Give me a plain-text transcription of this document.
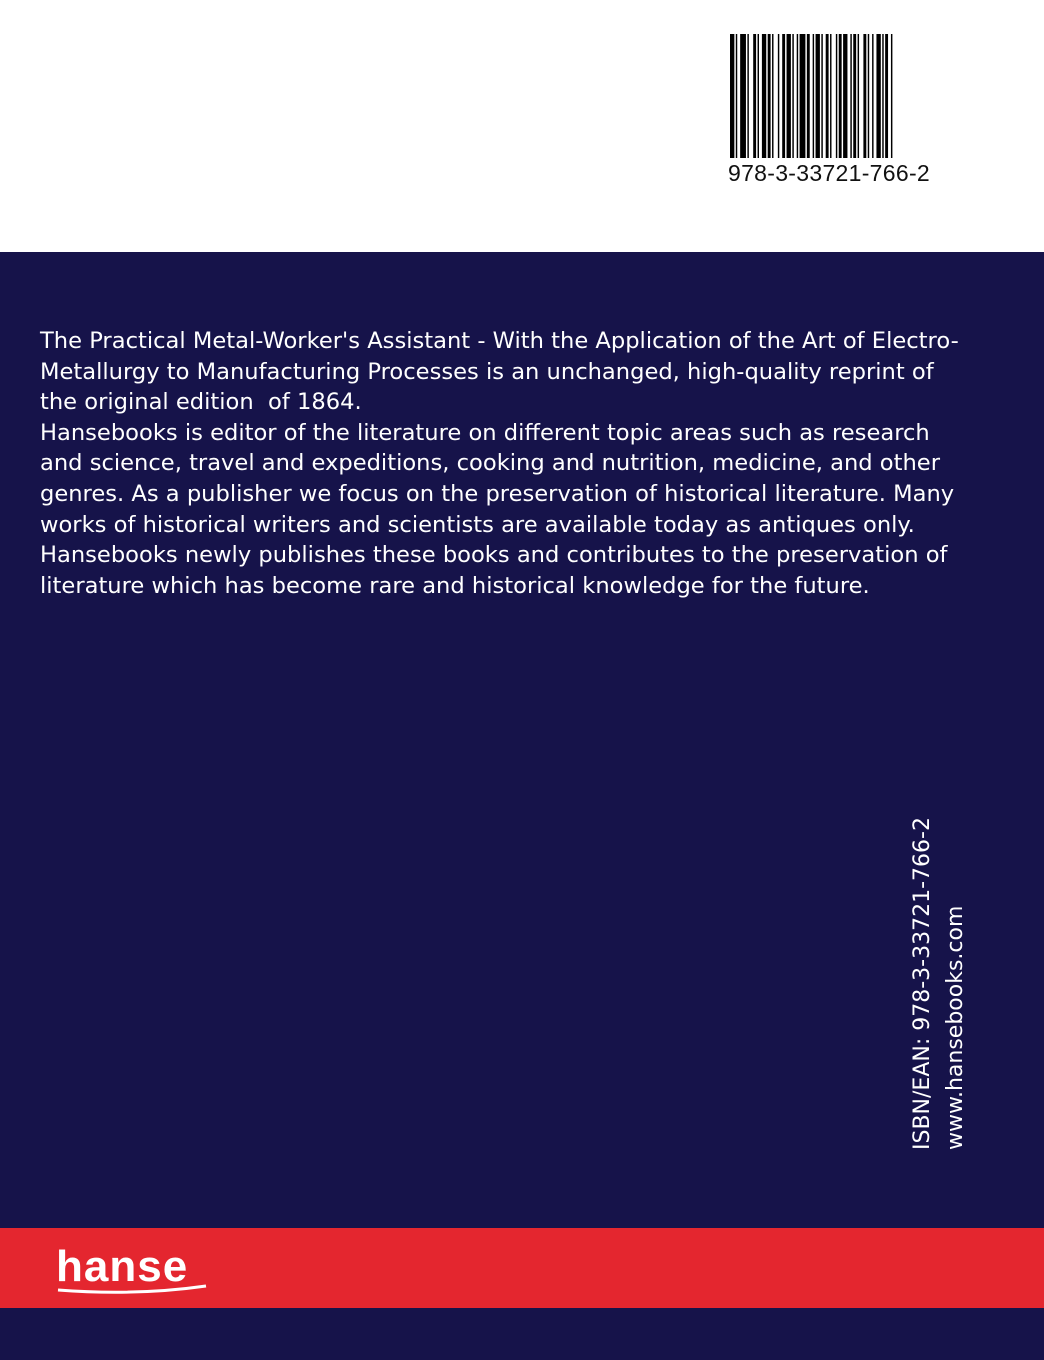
978-3-33721-766-2

The Practical Metal-Worker's Assistant - With the Application of the Art of Electro-Metallurgy to Manufacturing Processes is an unchanged, high-quality reprint of the original edition  of 1864.

Hansebooks is editor of the literature on different topic areas such as research and science, travel and expeditions, cooking and nutrition, medicine, and other genres. As a publisher we focus on the preservation of historical literature. Many works of historical writers and scientists are available today as antiques only. Hansebooks newly publishes these books and contributes to the preservation of literature which has become rare and historical knowledge for the future.

ISBN/EAN: 978-3-33721-766-2 www.hansebooks.com
hanse
